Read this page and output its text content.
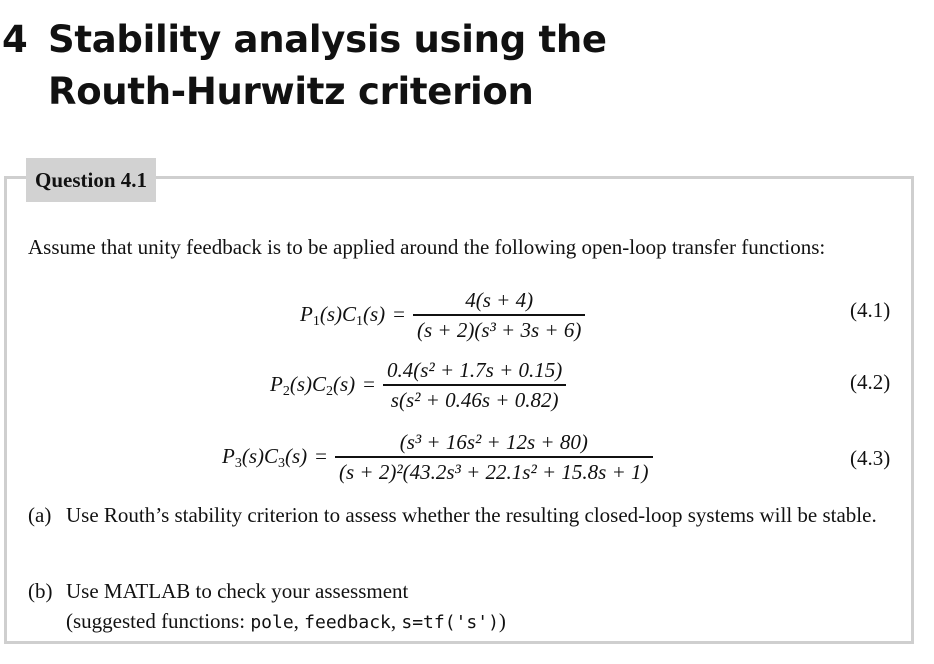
4 Stability analysis using the
Routh-Hurwitz criterion
Question 4.1
Assume that unity feedback is to be applied around the following open-loop transfer functions:
$P_1(s)C_1(s) = \frac{4(s + 4)}{\text{(s + 2)(s³ + 3s + 6)}}$	(4.1)
$P_2(s)C_2(s) = \frac{\text{0.4(s² + 1.7s + 0.15)}}{\text{s(s² + 0.46s + 0.82)}}$	(4.2)
$P_3(s)C_3(s) = \frac{\text{(s³ + 16s² + 12s + 80)}}{\text{(s + 2)²(43.2s³ + 22.1s² + 15.8s + 1)}}$	(4.3)
(a) Use Routh’s stability criterion to assess whether the resulting closed-loop systems will be stable.
(b) Use MATLAB to check your assessment
(suggested functions: pole, feedback, s=tf('s'))
